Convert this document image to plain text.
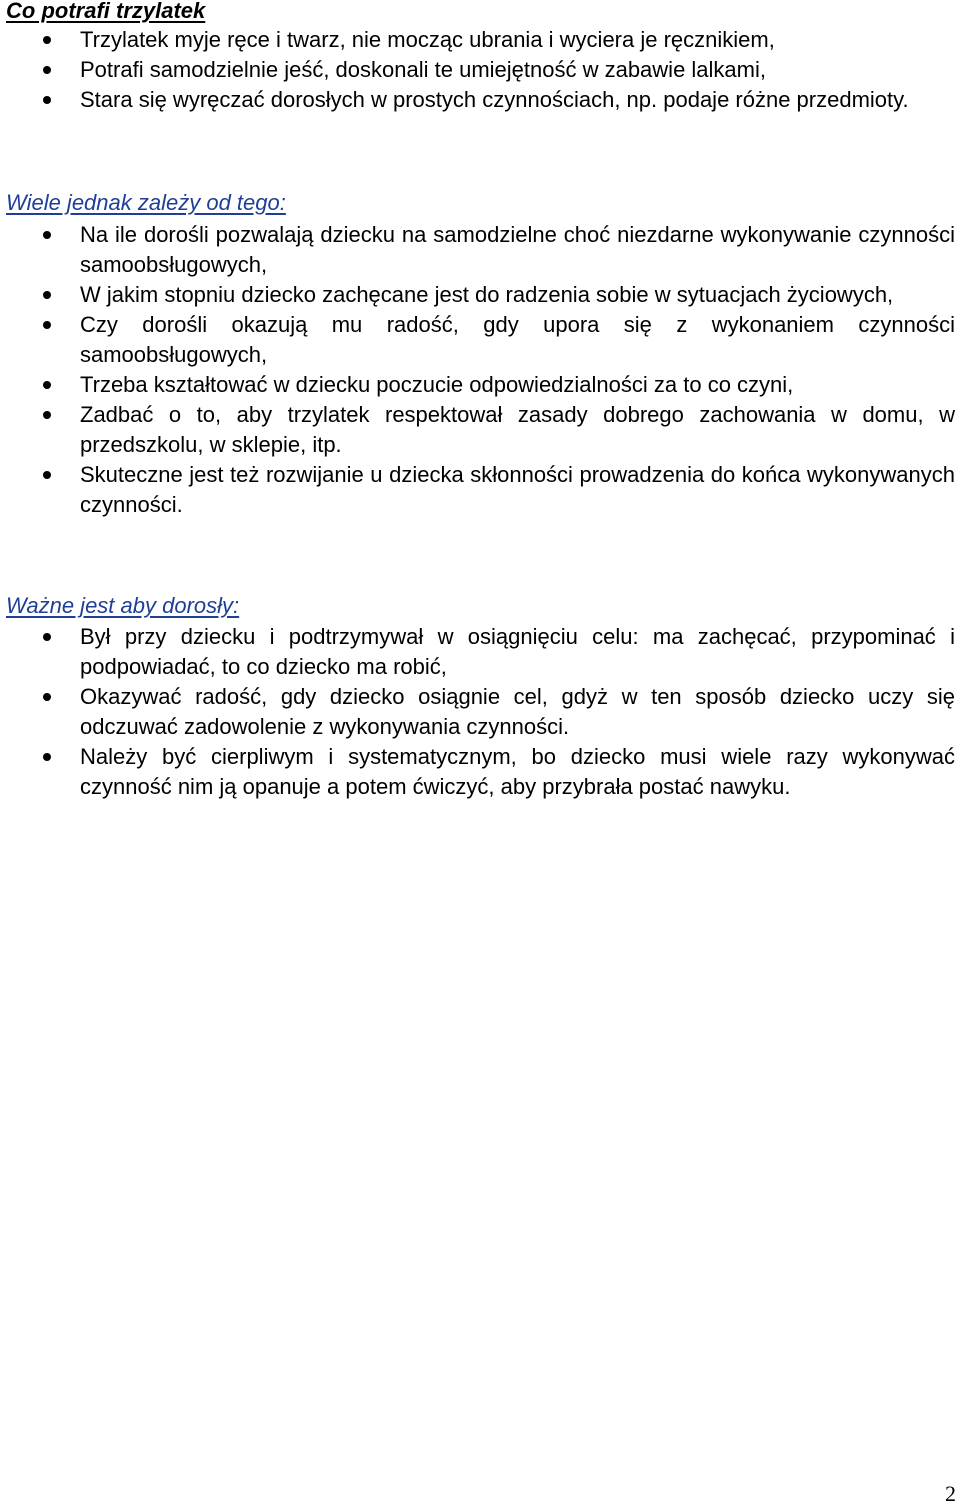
Co potrafi trzylatek
Trzylatek myje ręce i twarz, nie mocząc ubrania i wyciera je ręcznikiem,
Potrafi samodzielnie jeść, doskonali te umiejętność w zabawie lalkami,
Stara się wyręczać dorosłych w prostych czynnościach, np. podaje różne przedmioty.
Wiele jednak zależy od tego:
Na ile dorośli pozwalają dziecku na samodzielne choć niezdarne wykonywanie czynności samoobsługowych,
W jakim stopniu dziecko zachęcane jest do radzenia sobie w sytuacjach życiowych,
Czy dorośli okazują mu radość, gdy upora się z wykonaniem czynności samoobsługowych,
Trzeba kształtować w dziecku poczucie odpowiedzialności za to co czyni,
Zadbać o to, aby trzylatek respektował zasady dobrego zachowania w domu, w przedszkolu, w sklepie, itp.
Skuteczne jest też rozwijanie u dziecka skłonności prowadzenia do końca wykonywanych czynności.
Ważne jest aby dorosły:
Był przy dziecku i podtrzymywał w osiągnięciu celu: ma zachęcać, przypominać i podpowiadać, to co dziecko ma robić,
Okazywać radość, gdy dziecko osiągnie cel, gdyż w ten sposób dziecko uczy się odczuwać zadowolenie z wykonywania czynności.
Należy być cierpliwym i systematycznym, bo dziecko musi wiele razy wykonywać czynność nim ją opanuje a potem ćwiczyć, aby przybrała postać nawyku.
2
